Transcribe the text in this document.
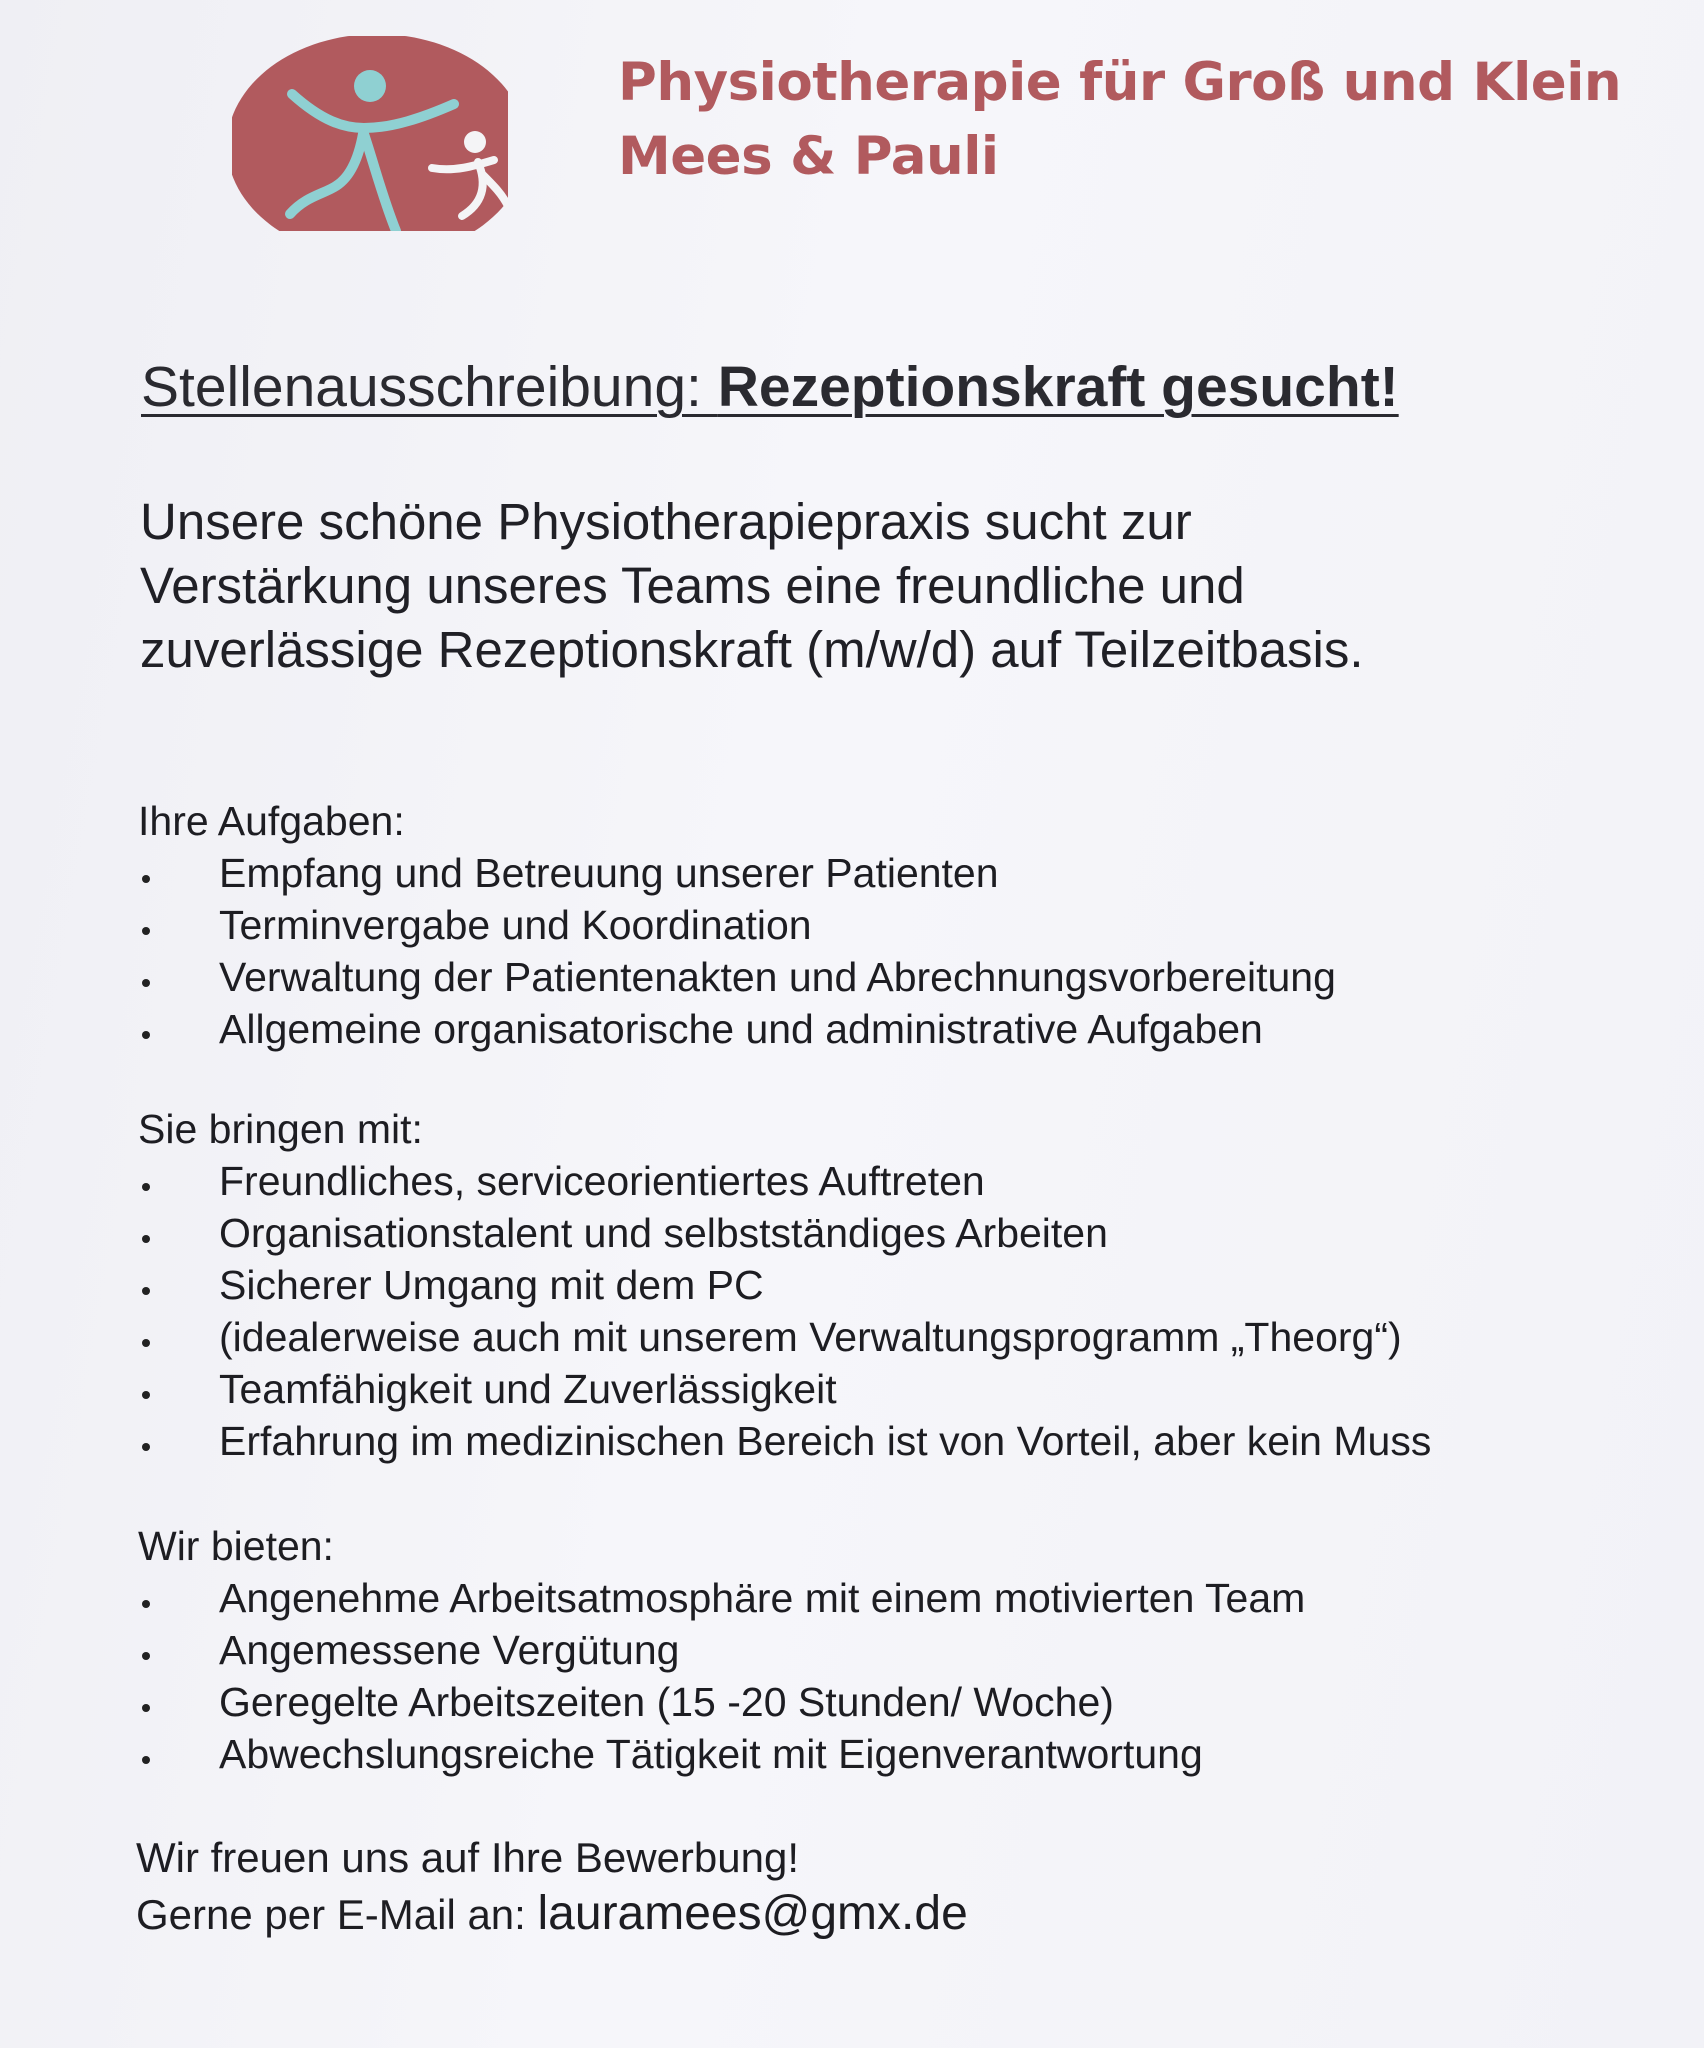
Physiotherapie für Groß und Klein
Mees & Pauli
Stellenausschreibung: Rezeptionskraft gesucht!
Unsere schöne Physiotherapiepraxis sucht zur
Verstärkung unseres Teams eine freundliche und
zuverlässige Rezeptionskraft (m/w/d) auf Teilzeitbasis.
Ihre Aufgaben:
Empfang und Betreuung unserer Patienten
Terminvergabe und Koordination
Verwaltung der Patientenakten und Abrechnungsvorbereitung
Allgemeine organisatorische und administrative Aufgaben
Sie bringen mit:
Freundliches, serviceorientiertes Auftreten
Organisationstalent und selbstständiges Arbeiten
Sicherer Umgang mit dem PC
(idealerweise auch mit unserem Verwaltungsprogramm „Theorg“)
Teamfähigkeit und Zuverlässigkeit
Erfahrung im medizinischen Bereich ist von Vorteil, aber kein Muss
Wir bieten:
Angenehme Arbeitsatmosphäre mit einem motivierten Team
Angemessene Vergütung
Geregelte Arbeitszeiten (15 -20 Stunden/ Woche)
Abwechslungsreiche Tätigkeit mit Eigenverantwortung
Wir freuen uns auf Ihre Bewerbung!
Gerne per E-Mail an: lauramees@gmx.de
